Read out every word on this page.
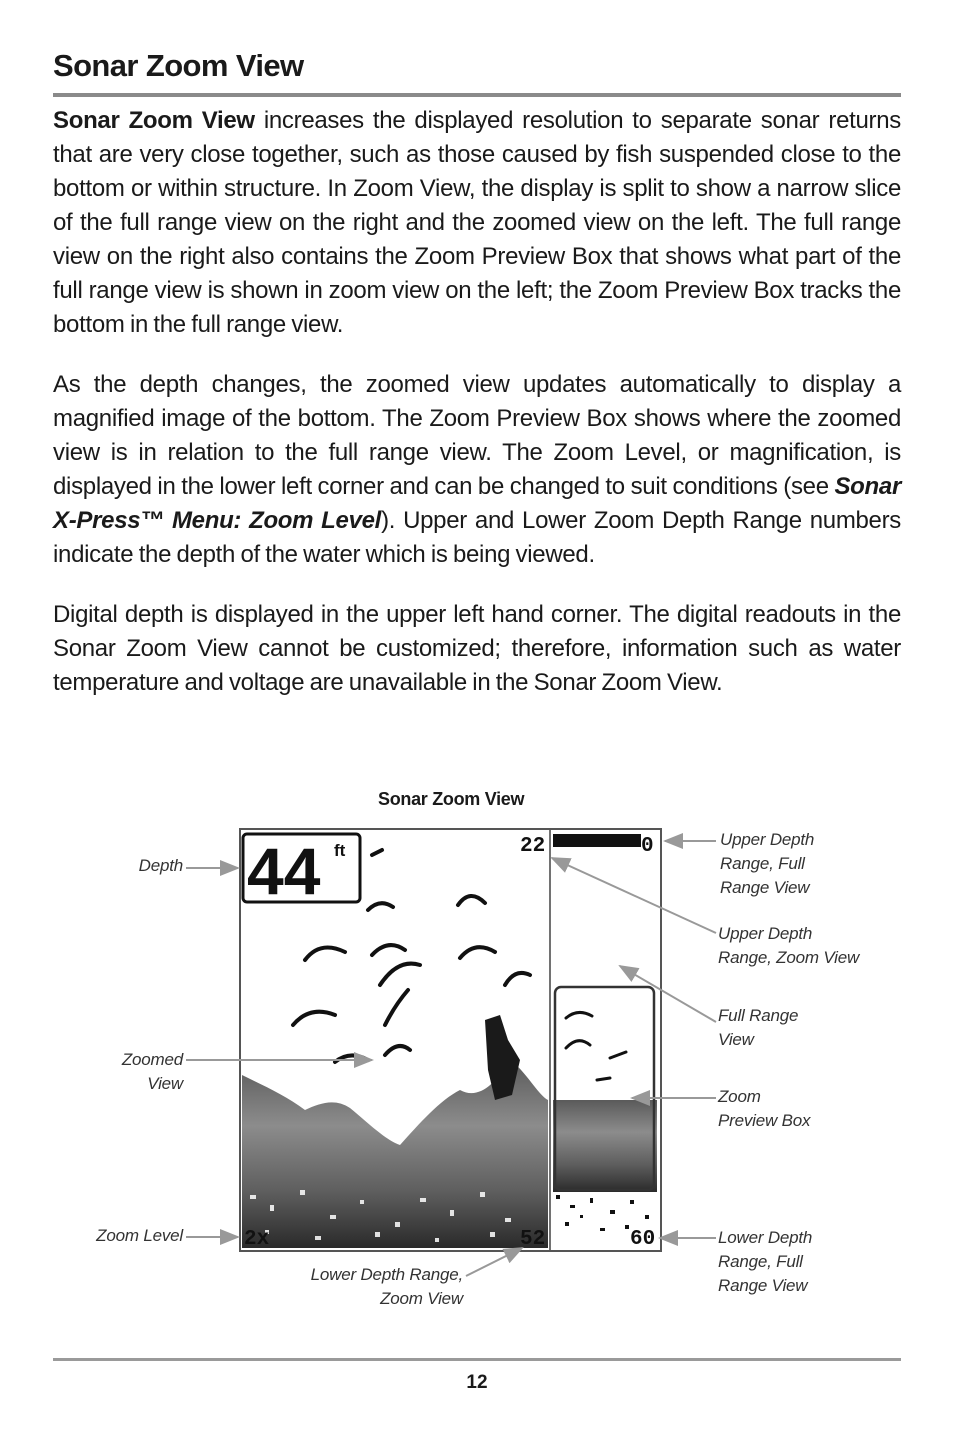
Sonar Zoom View

Sonar Zoom View increases the displayed resolution to separate sonar returns that are very close together, such as those caused by fish suspended close to the bottom or within structure. In Zoom View, the display is split to show a narrow slice of the full range view on the right and the zoomed view on the left. The full range view on the right also contains the Zoom Preview Box that shows what part of the full range view is shown in zoom view on the left; the Zoom Preview Box tracks the bottom in the full range view.

As the depth changes, the zoomed view updates automatically to display a magnified image of the bottom. The Zoom Preview Box shows where the zoomed view is in relation to the full range view. The Zoom Level, or magnification, is displayed in the lower left corner and can be changed to suit conditions (see Sonar X-Press™ Menu: Zoom Level). Upper and Lower Zoom Depth Range numbers indicate the depth of the water which is being viewed.

Digital depth is displayed in the upper left hand corner. The digital readouts in the Sonar Zoom View cannot be customized; therefore, information such as water temperature and voltage are unavailable in the Sonar Zoom View.

Sonar Zoom View
44 ft	22	0
52	60
2x
Depth
Zoomed
View
Zoom Level
Lower Depth Range,
Zoom View
Upper Depth
Range, Full
Range View
Upper Depth
Range, Zoom View
Full Range
View
Zoom
Preview Box
Lower Depth
Range, Full
Range View
12
